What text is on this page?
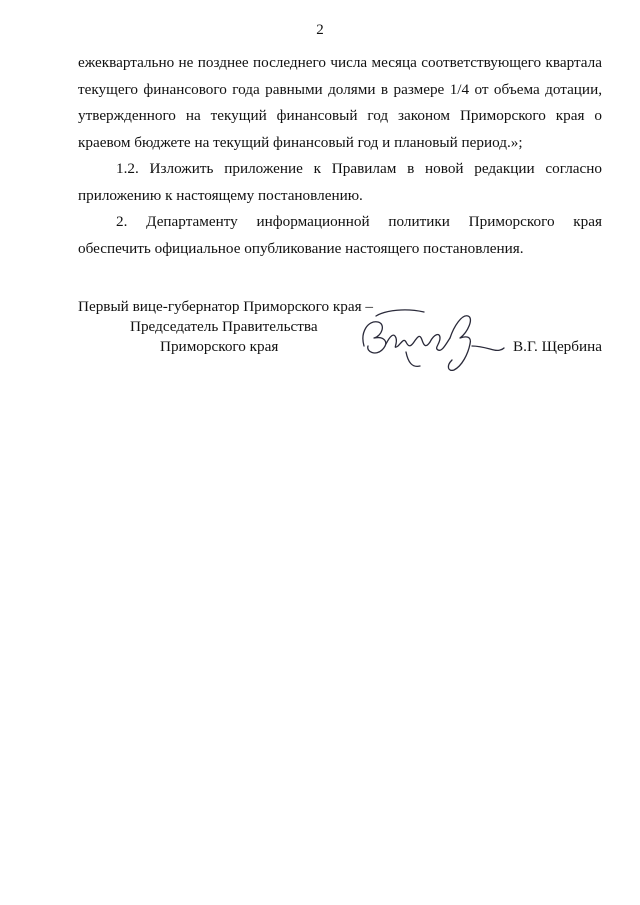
2

ежеквартально не позднее последнего числа месяца соответствующего квартала текущего финансового года равными долями в размере 1/4 от объема дотации, утвержденного на текущий финансовый год законом Приморского края о краевом бюджете на текущий финансовый год и плановый период.»;

1.2. Изложить приложение к Правилам в новой редакции согласно приложению к настоящему постановлению.

2. Департаменту информационной политики Приморского края обеспечить официальное опубликование настоящего постановления.

Первый вице-губернатор Приморского края –
Председатель Правительства
Приморского края	В.Г. Щербина
